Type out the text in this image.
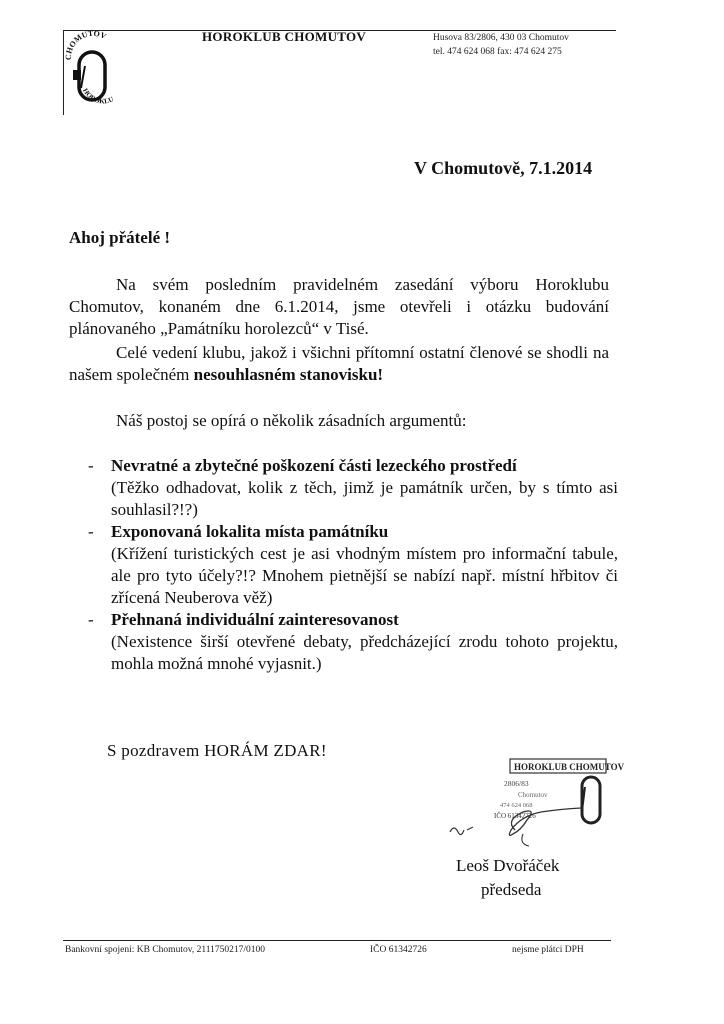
CHOMUTOV
HOROKLU
HOROKLUB CHOMUTOV	Husova 83/2806, 430 03 Chomutov
tel. 474 624 068 fax: 474 624 275
V Chomutově, 7.1.2014
Ahoj přátelé !

Na svém posledním pravidelném zasedání výboru Horoklubu Chomutov, konaném dne 6.1.2014, jsme otevřeli i otázku budování plánovaného „Památníku horolezců“ v Tisé.

Celé vedení klubu, jakož i všichni přítomní ostatní členové se shodli na našem společném nesouhlasném stanovisku!

Náš postoj se opírá o několik zásadních argumentů:

- Nevratné a zbytečné poškození části lezeckého prostředí
(Těžko odhadovat, kolik z těch, jimž je památník určen, by s tímto asi souhlasil?!?)
- Exponovaná lokalita místa památníku
(Křížení turistických cest je asi vhodným místem pro informační tabule, ale pro tyto účely?!? Mnohem pietnější se nabízí např. místní hřbitov či zřícená Neuberova věž)
- Přehnaná individuální zainteresovanost
(Nexistence širší otevřené debaty, předcházející zrodu tohoto projektu, mohla možná mnohé vyjasnit.)
S pozdravem HORÁM ZDAR!
HOROKLUB CHOMUTOV
2806/83
Chomutov
474 624 068
IČO 61342726
Leoš Dvořáček
předseda
Bankovní spojení: KB Chomutov, 2111750217/0100	IČO 61342726	nejsme plátci DPH
